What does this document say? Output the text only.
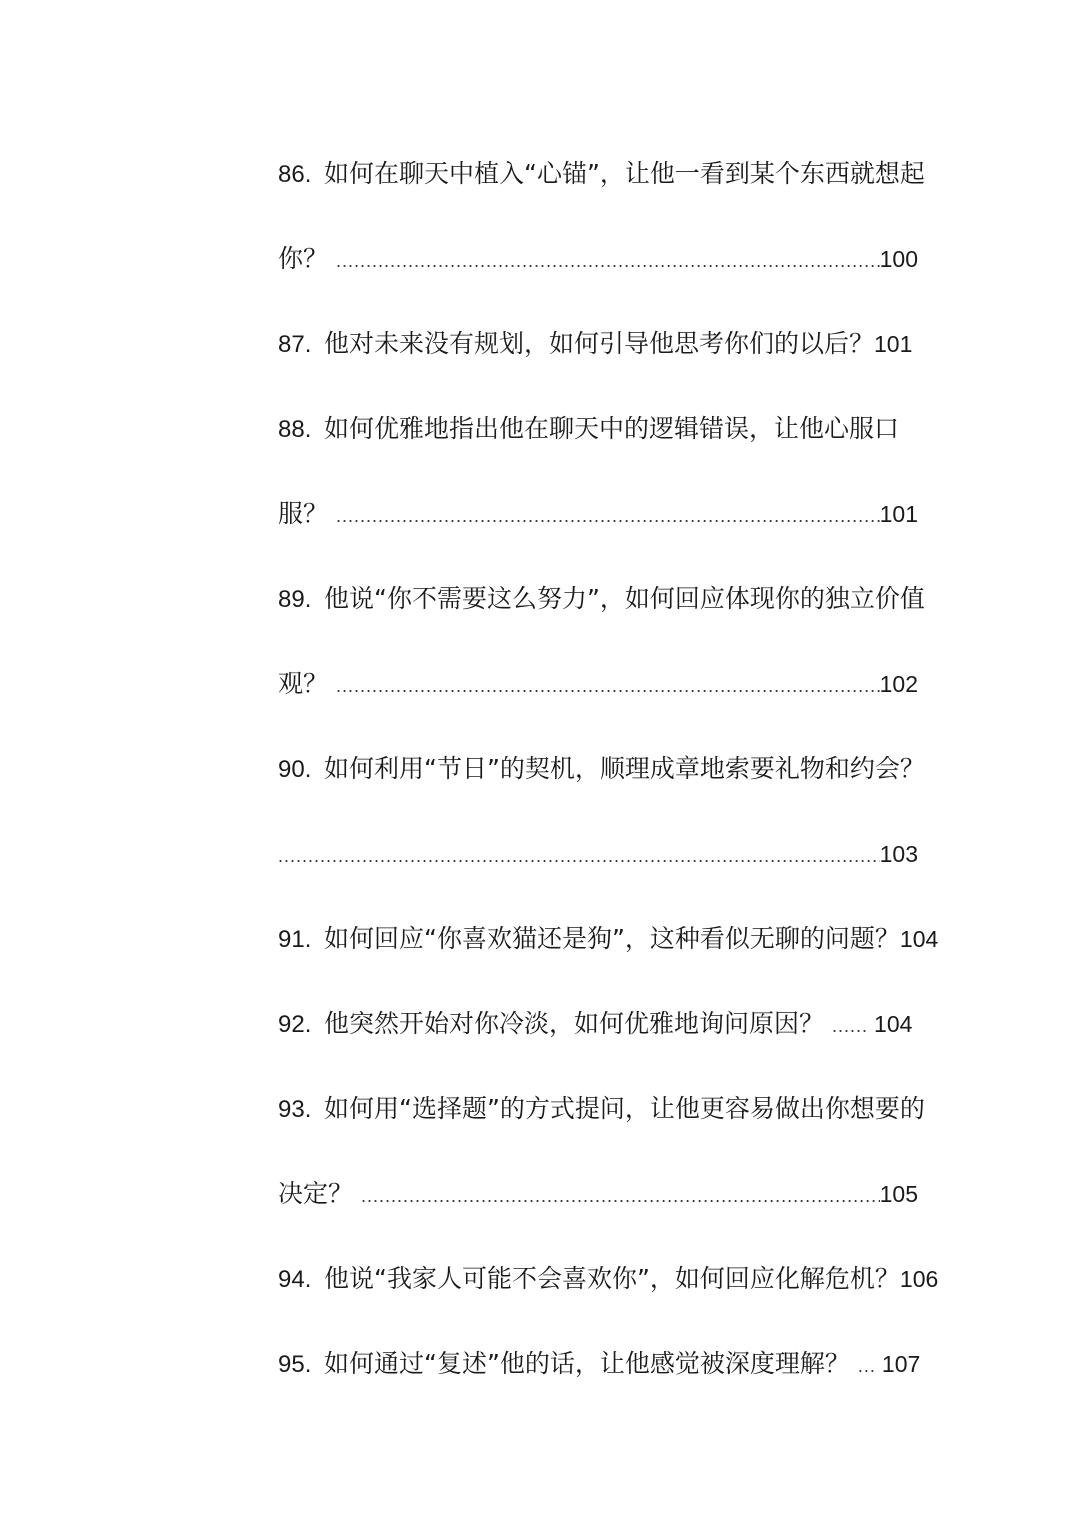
86. 如何在聊天中植入“心锚”，让他一看到某个东西就想起
你？ .....	100
87. 他对未来没有规划，如何引导他思考你们的以后？ 101
88. 如何优雅地指出他在聊天中的逻辑错误，让他心服口
服？ .....	101
89. 他说“你不需要这么努力”，如何回应体现你的独立价值
观？ .....	102
90. 如何利用“节日”的契机，顺理成章地索要礼物和约会？
.....
103
91. 如何回应“你喜欢猫还是狗”，这种看似无聊的问题？ 104
92. 他突然开始对你冷淡，如何优雅地询问原因？ ...... 104
93. 如何用“选择题”的方式提问，让他更容易做出你想要的
决定？ .....	105
94. 他说“我家人可能不会喜欢你”，如何回应化解危机？ 106
95. 如何通过“复述”他的话，让他感觉被深度理解？ ... 107
